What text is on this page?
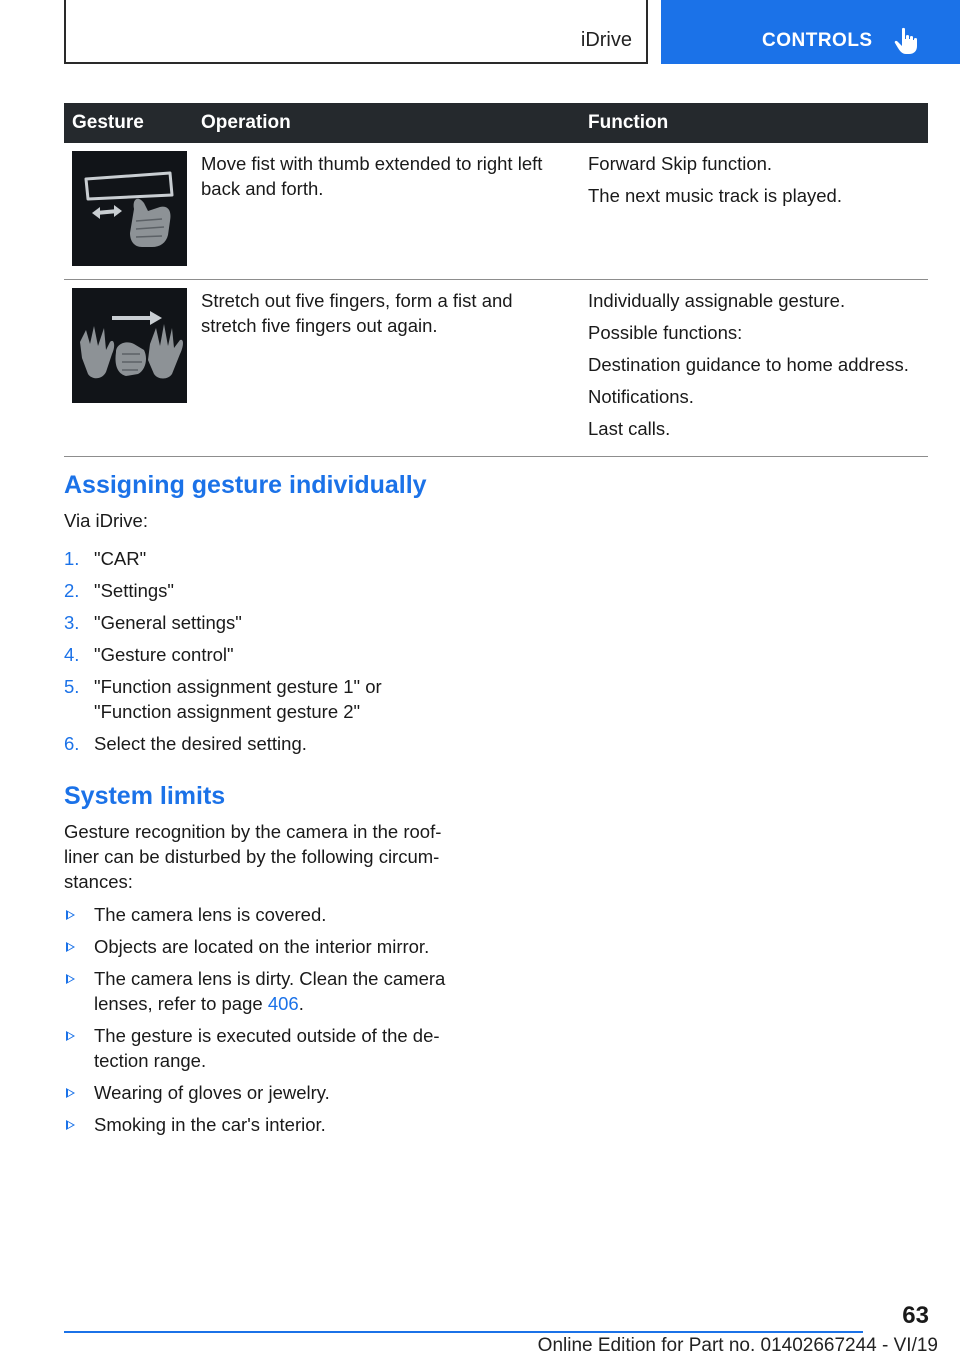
iDrive	CONTROLS
Gesture	Operation	Function

	Move fist with thumb extended to right left back and forth.	Forward Skip function.

The next music track is played.

	Stretch out five fingers, form a fist and stretch five fingers out again.	Individually assignable gesture.

Possible functions:

Destination guidance to home address.

Notifications.

Last calls.

Assigning gesture individually

Via iDrive:

1. "CAR"
2. "Settings"
3. "General settings"
4. "Gesture control"
5. "Function assignment gesture 1" or "Function assignment gesture 2"
6. Select the desired setting.
System limits

Gesture recognition by the camera in the roof‐ liner can be disturbed by the following circum‐ stances:

The camera lens is covered.
Objects are located on the interior mirror.
The camera lens is dirty. Clean the camera lenses, refer to page 406.
The gesture is executed outside of the de‐ tection range.
Wearing of gloves or jewelry.
Smoking in the car's interior.
63
Online Edition for Part no. 01402667244 - VI/19
